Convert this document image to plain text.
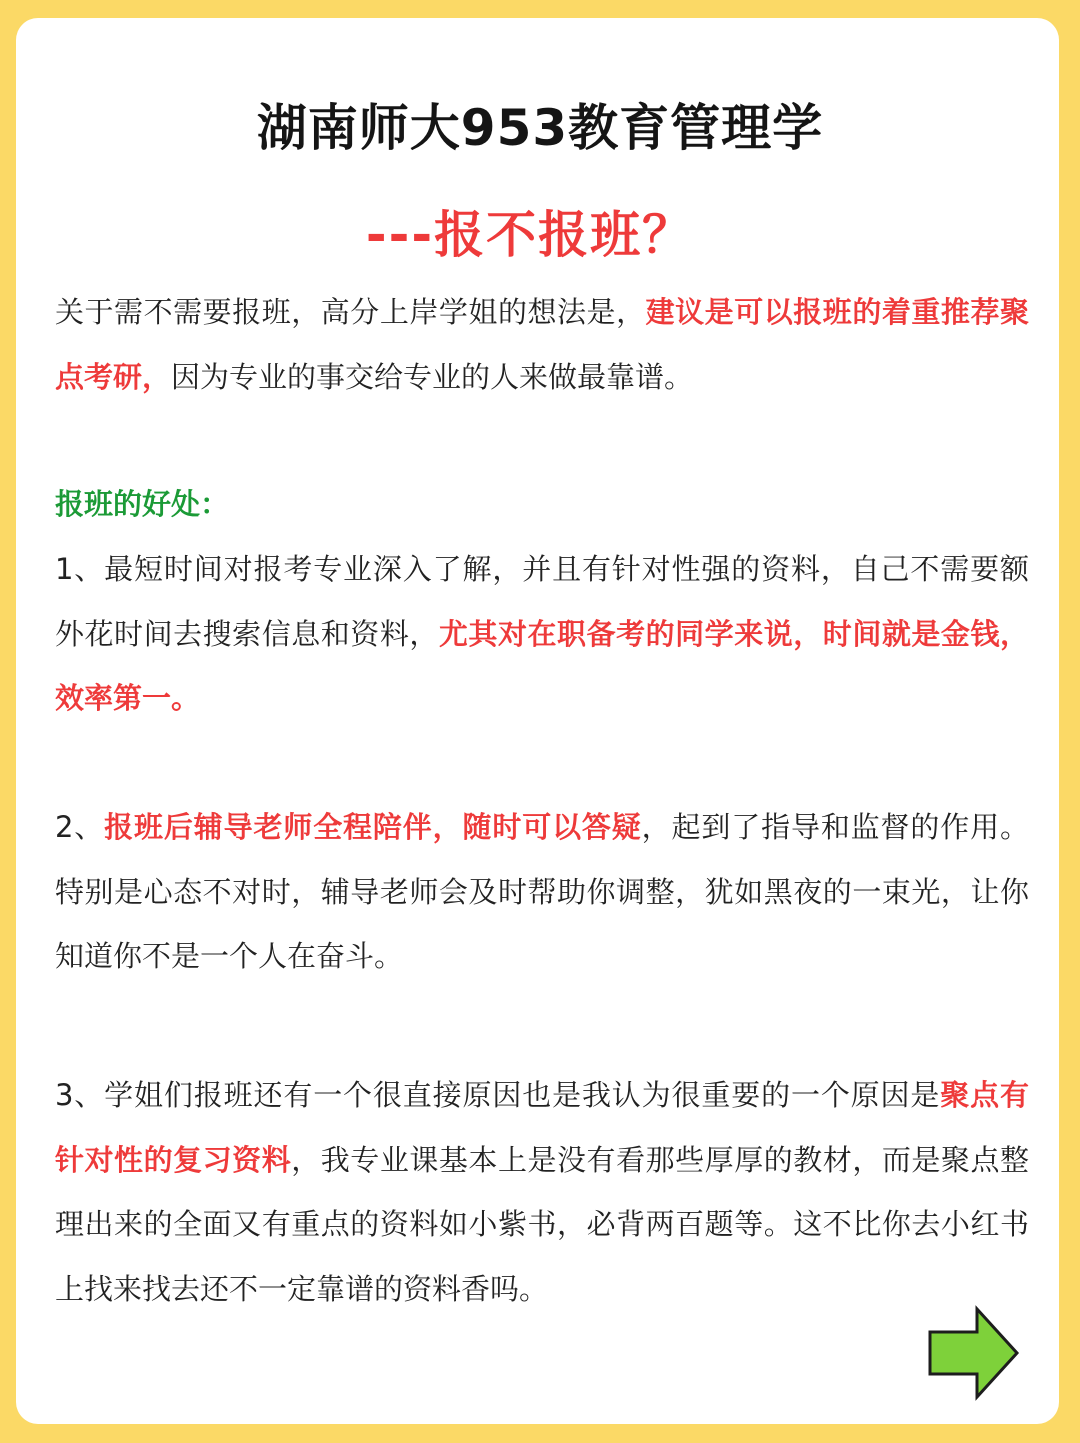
湖南师大953教育管理学
---报不报班？

关于需不需要报班，高分上岸学姐的想法是，建议是可以报班的着重推荐聚点考研，因为专业的事交给专业的人来做最靠谱。

报班的好处：

1、最短时间对报考专业深入了解，并且有针对性强的资料，自己不需要额外花时间去搜索信息和资料，尤其对在职备考的同学来说，时间就是金钱，效率第一。

2、报班后辅导老师全程陪伴，随时可以答疑，起到了指导和监督的作用。特别是心态不对时，辅导老师会及时帮助你调整，犹如黑夜的一束光，让你知道你不是一个人在奋斗。

3、学姐们报班还有一个很直接原因也是我认为很重要的一个原因是聚点有针对性的复习资料，我专业课基本上是没有看那些厚厚的教材，而是聚点整理出来的全面又有重点的资料如小紫书，必背两百题等。这不比你去小红书上找来找去还不一定靠谱的资料香吗。
